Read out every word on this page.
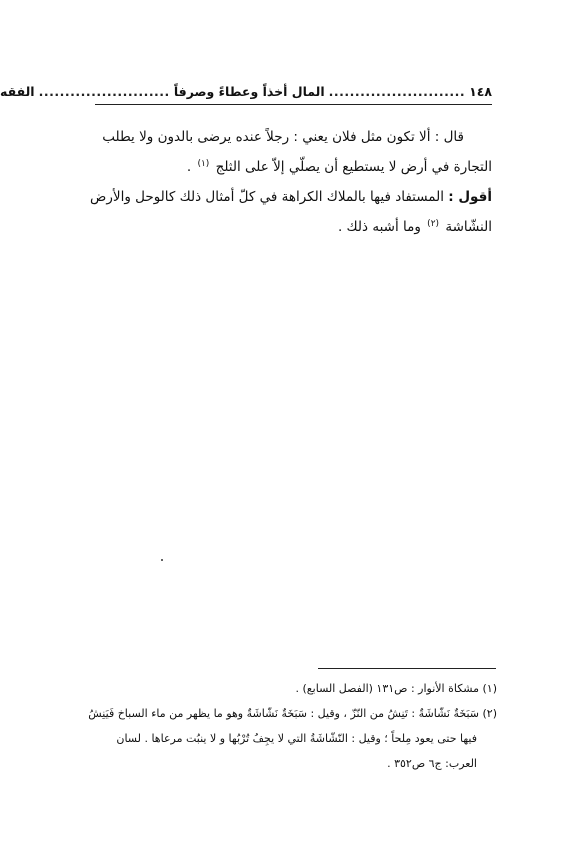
١٤٨
..........................
المال أخذاً وعطاءً وصرفاً
.........................
الفقه

قال : ألا تكون مثل فلان يعني : رجلاً عنده يرضى بالدون ولا يطلب
التجارة في أرض لا يستطيع أن يصلّي إلاّ على الثلج $^{(١)}$ .

أقول : المستفاد فيها بالملاك الكراهة في كلّ أمثال ذلك كالوحل والأرض
النشّاشة $^{(٢)}$ وما أشبه ذلك .

(١) مشكاة الأنوار : ص١٣١ (الفصل السابع) .
(٢) سَبَخَةٌ نَشّاشَةٌ : تَنِشُ من النّزّ ، وقيل : سَبَخَةٌ نَشّاشَةٌ وهو ما يظهر من ماء السباخ فَيَنِشُ
فيها حتى يعود مِلحاً ؛ وقيل : النّشّاشَةُ التي لا يجِفُ تُرْبُها و لا ينبُت مرعاها . لسان
العرب: ج٦ ص٣٥٢ .
